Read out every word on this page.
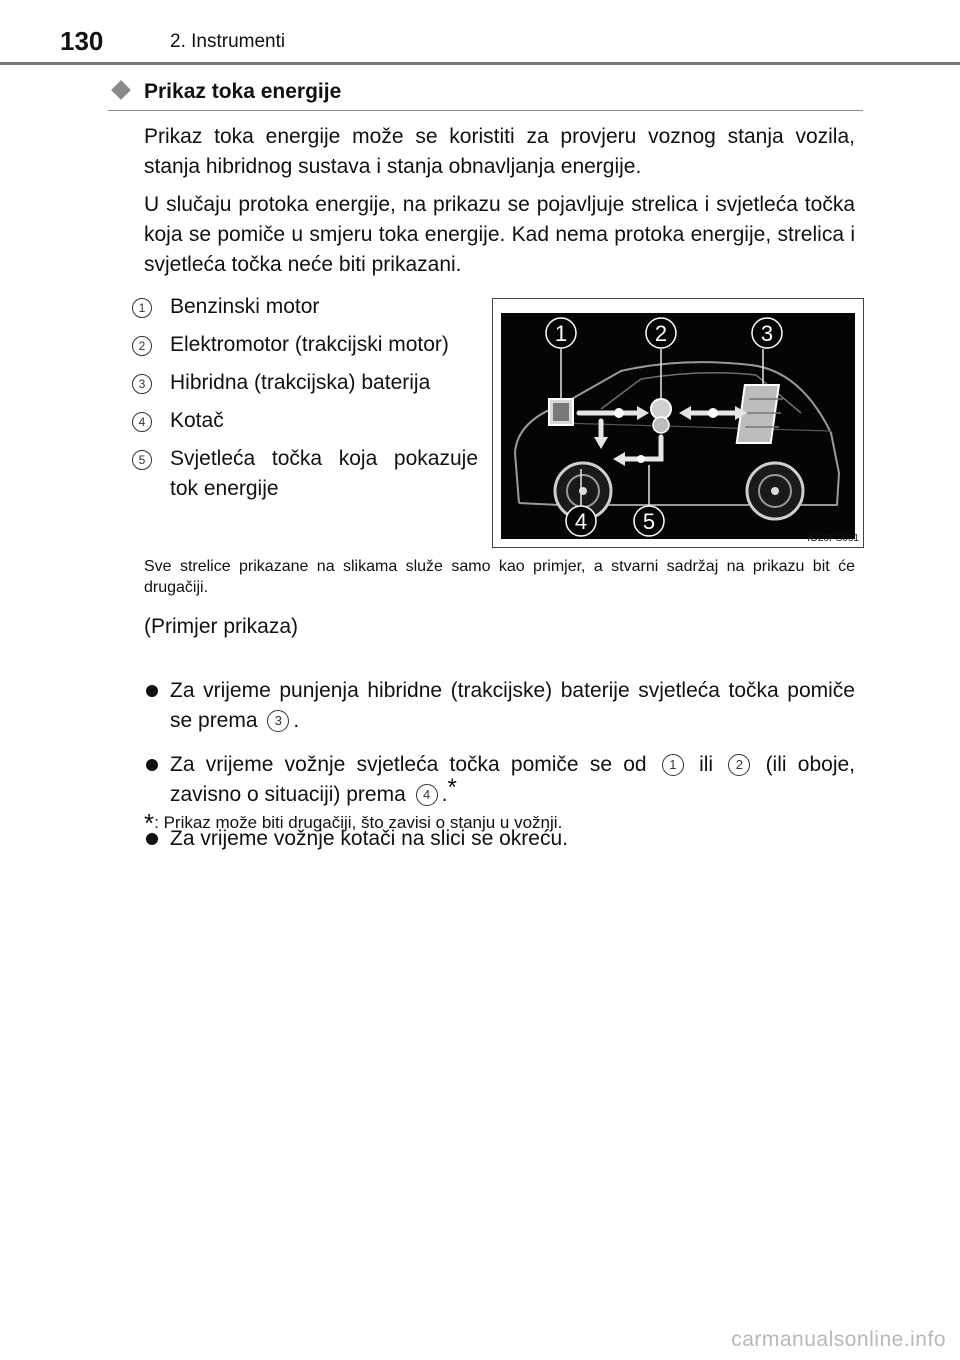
130	2. Instrumenti
Prikaz toka energije

Prikaz toka energije može se koristiti za provjeru voznog stanja vozila, stanja hibridnog sustava i stanja obnavljanja energije.

U slučaju protoka energije, na prikazu se pojavljuje strelica i svjetleća točka koja se pomiče u smjeru toka energije. Kad nema protoka energije, strelica i svjetleća točka neće biti prikazani.

1	Benzinski motor
2	Elektromotor (trakcijski motor)
3	Hibridna (trakcijska) baterija
4	Kotač
5	Svjetleća točka koja pokazuje tok energije
1	2	3
4	5
IO20PS061

Sve strelice prikazane na slikama služe samo kao primjer, a stvarni sadržaj na prikazu bit će drugačiji.

(Primjer prikaza)

Za vrijeme punjenja hibridne (trakcijske) baterije svjetleća točka pomiče se prema 3 .
Za vrijeme vožnje svjetleća točka pomiče se od 1 ili 2 (ili oboje, zavisno o situaciji) prema 4 .*
Za vrijeme vožnje kotači na slici se okreću.
*: Prikaz može biti drugačiji, što zavisi o stanju u vožnji.
carmanualsonline.info
